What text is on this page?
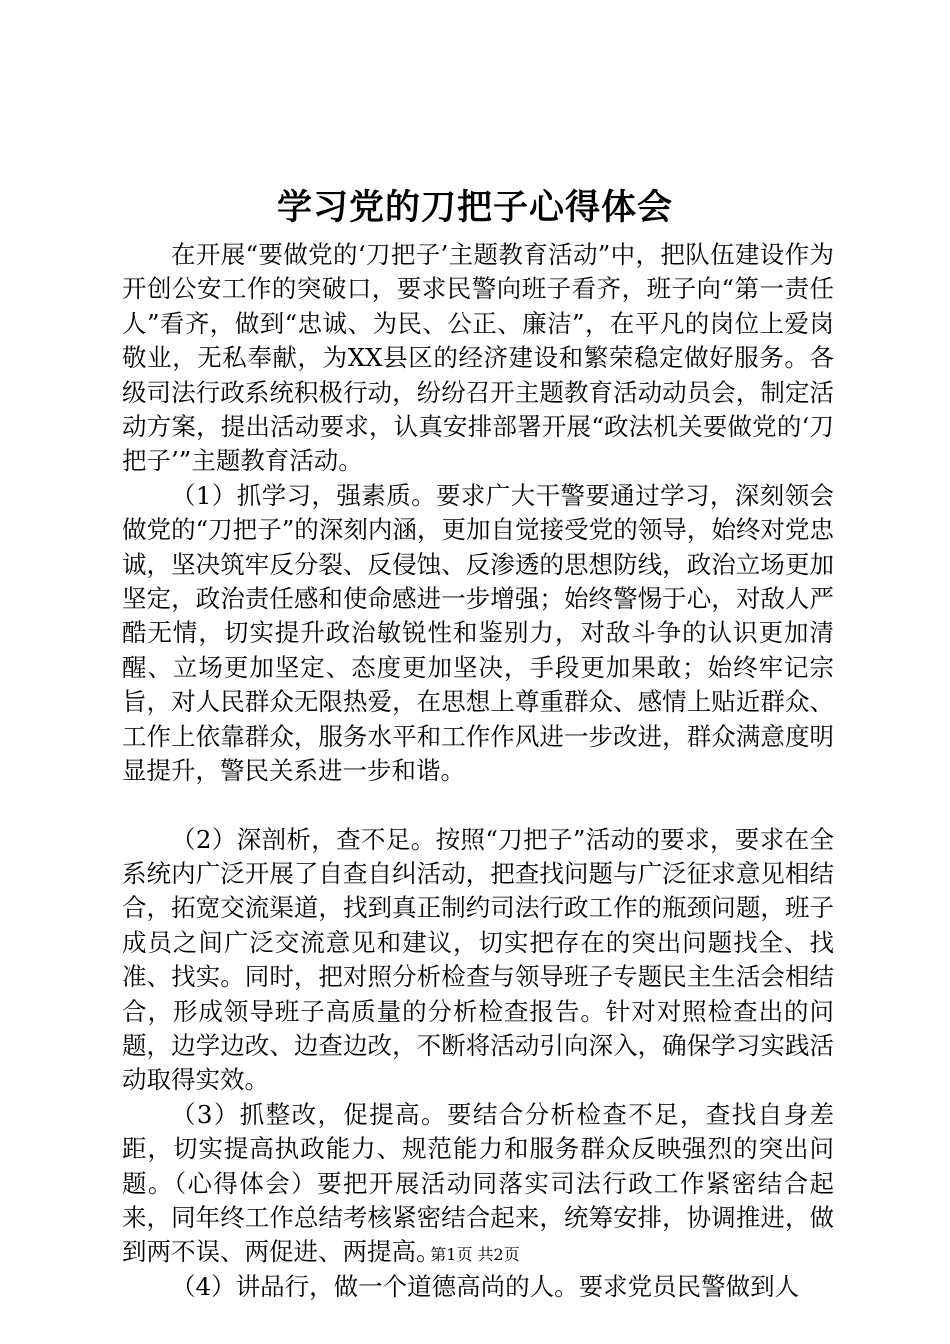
学习党的刀把子心得体会

在开展“要做党的‘刀把子’主题教育活动”中，把队伍建设作为开创公安工作的突破口，要求民警向班子看齐，班子向“第一责任人”看齐，做到“忠诚、为民、公正、廉洁”，在平凡的岗位上爱岗敬业，无私奉献，为XX县区的经济建设和繁荣稳定做好服务。各级司法行政系统积极行动，纷纷召开主题教育活动动员会，制定活动方案，提出活动要求，认真安排部署开展“政法机关要做党的‘刀把子’”主题教育活动。

（1）抓学习，强素质。要求广大干警要通过学习，深刻领会做党的“刀把子”的深刻内涵，更加自觉接受党的领导，始终对党忠诚，坚决筑牢反分裂、反侵蚀、反渗透的思想防线，政治立场更加坚定，政治责任感和使命感进一步增强；始终警惕于心，对敌人严酷无情，切实提升政治敏锐性和鉴别力，对敌斗争的认识更加清醒、立场更加坚定、态度更加坚决，手段更加果敢；始终牢记宗旨，对人民群众无限热爱，在思想上尊重群众、感情上贴近群众、工作上依靠群众，服务水平和工作作风进一步改进，群众满意度明显提升，警民关系进一步和谐。

（2）深剖析，查不足。按照“刀把子”活动的要求，要求在全系统内广泛开展了自查自纠活动，把查找问题与广泛征求意见相结合，拓宽交流渠道，找到真正制约司法行政工作的瓶颈问题，班子成员之间广泛交流意见和建议，切实把存在的突出问题找全、找准、找实。同时，把对照分析检查与领导班子专题民主生活会相结合，形成领导班子高质量的分析检查报告。针对对照检查出的问题，边学边改、边查边改，不断将活动引向深入，确保学习实践活动取得实效。

（3）抓整改，促提高。要结合分析检查不足，查找自身差距，切实提高执政能力、规范能力和服务群众反映强烈的突出问题。（心得体会）要把开展活动同落实司法行政工作紧密结合起来，同年终工作总结考核紧密结合起来，统筹安排，协调推进，做到两不误、两促进、两提高。

（4）讲品行，做一个道德高尚的人。要求党员民警做到人

第1页 共2页
